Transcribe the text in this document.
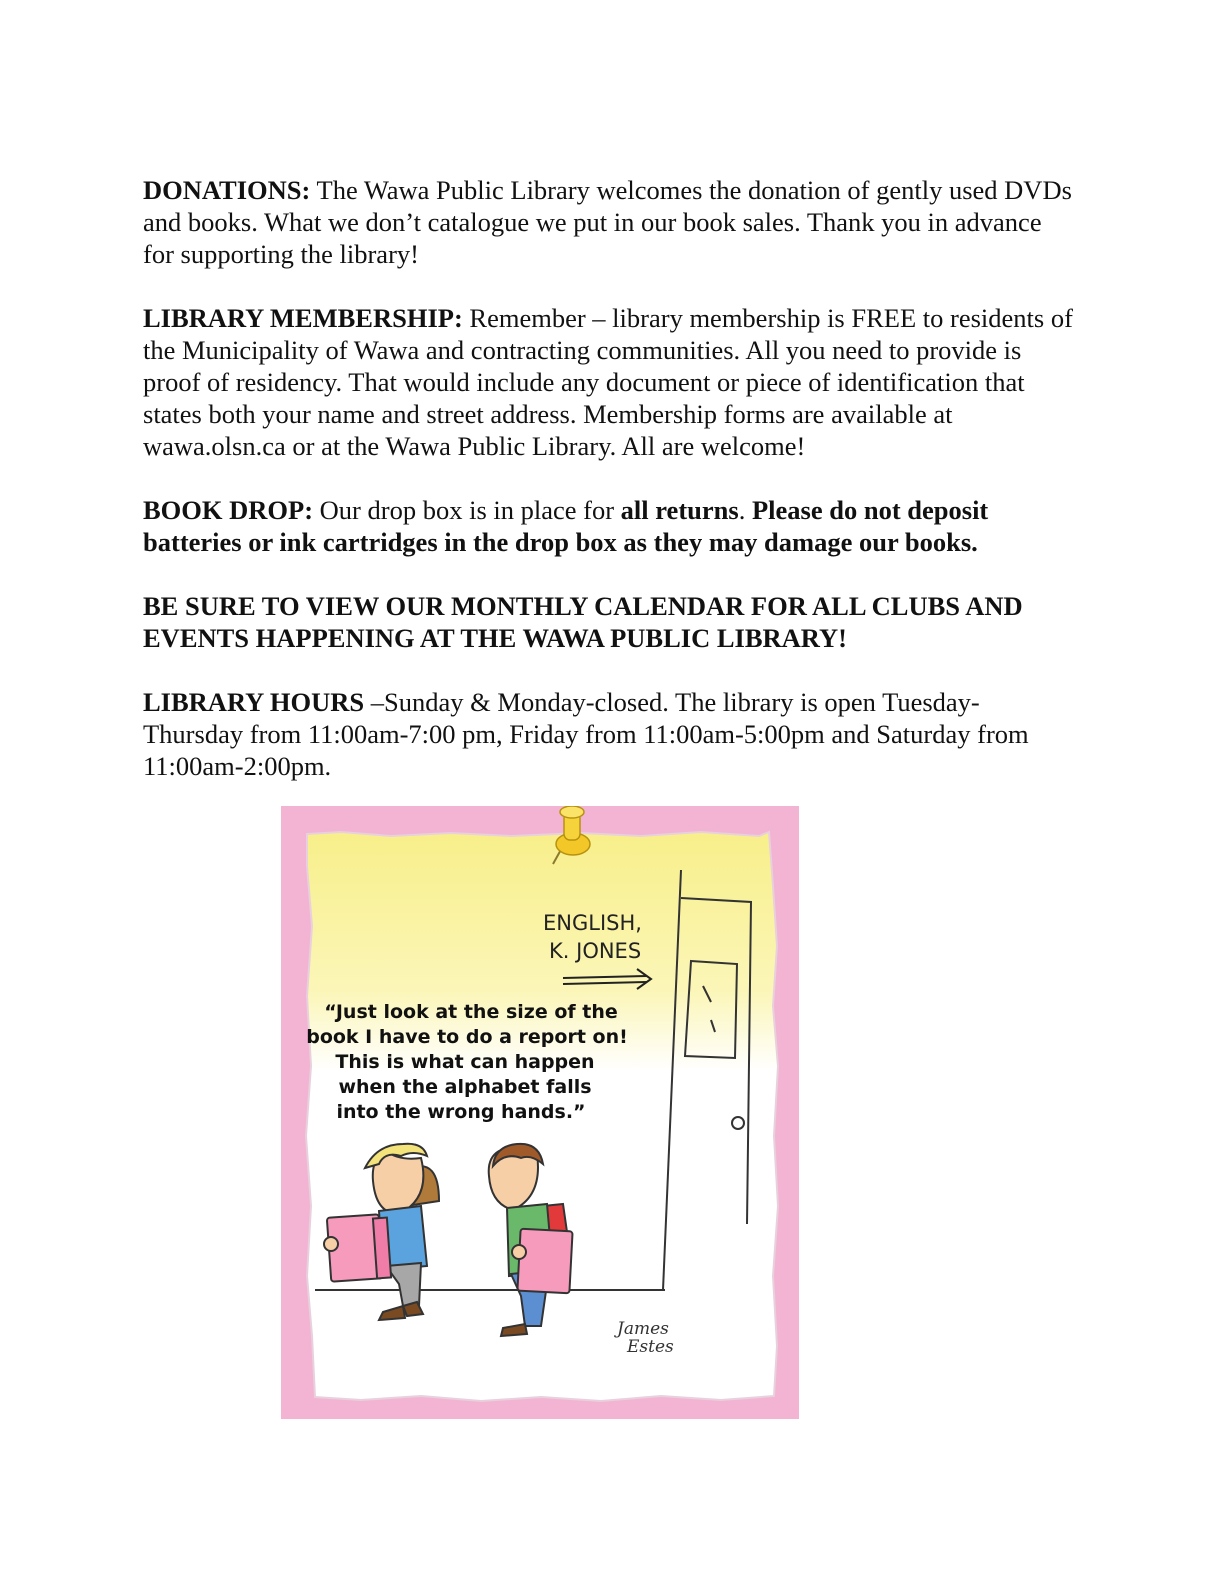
DONATIONS: The Wawa Public Library welcomes the donation of gently used DVDs and books. What we don’t catalogue we put in our book sales. Thank you in advance for supporting the library!

LIBRARY MEMBERSHIP: Remember – library membership is FREE to residents of the Municipality of Wawa and contracting communities. All you need to provide is proof of residency. That would include any document or piece of identification that states both your name and street address. Membership forms are available at wawa.olsn.ca or at the Wawa Public Library. All are welcome!

BOOK DROP: Our drop box is in place for all returns. Please do not deposit batteries or ink cartridges in the drop box as they may damage our books.

BE SURE TO VIEW OUR MONTHLY CALENDAR FOR ALL CLUBS AND EVENTS HAPPENING AT THE WAWA PUBLIC LIBRARY!

LIBRARY HOURS –Sunday & Monday-closed. The library is open Tuesday-Thursday from 11:00am-7:00 pm, Friday from 11:00am-5:00pm and Saturday from 11:00am-2:00pm.

ENGLISH,
K. JONES
“Just look at the size of the
book I have to do a report on!
This is what can happen
when the alphabet falls
into the wrong hands.”
James
Estes
